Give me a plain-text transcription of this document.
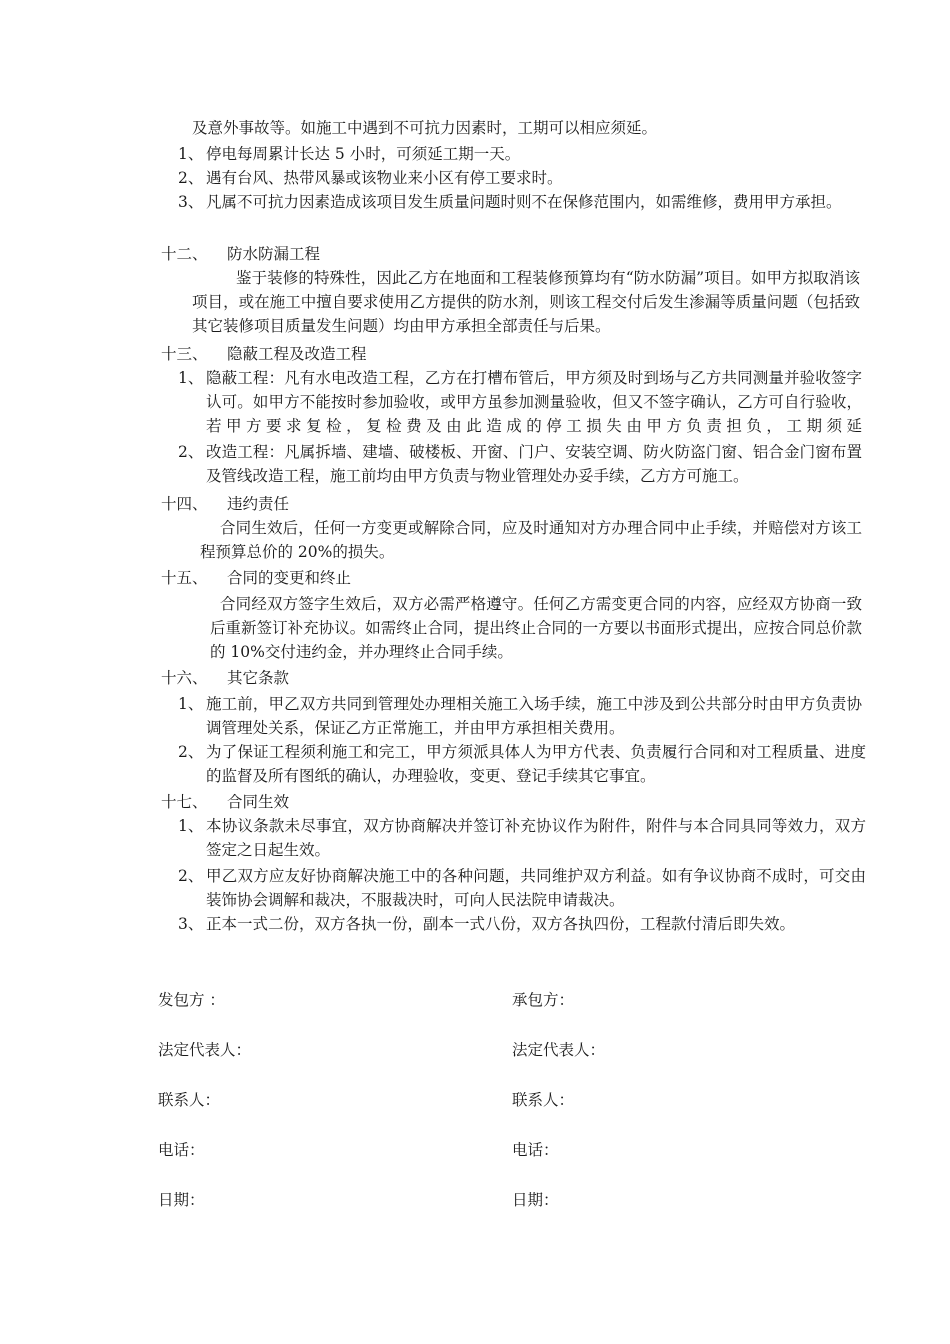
及意外事故等。如施工中遇到不可抗力因素时，工期可以相应须延。
1、 停电每周累计长达 5 小时，可须延工期一天。
2、 遇有台风、热带风暴或该物业来小区有停工要求时。
3、 凡属不可抗力因素造成该项目发生质量问题时则不在保修范围内，如需维修，费用甲方承担。
十二、 防水防漏工程
鉴于装修的特殊性，因此乙方在地面和工程装修预算均有“防水防漏”项目。如甲方拟取消该项目，或在施工中擅自要求使用乙方提供的防水剂，则该工程交付后发生渗漏等质量问题（包括致其它装修项目质量发生问题）均由甲方承担全部责任与后果。
十三、 隐蔽工程及改造工程
1、 隐蔽工程：凡有水电改造工程，乙方在打槽布管后，甲方须及时到场与乙方共同测量并验收签字认可。如甲方不能按时参加验收，或甲方虽参加测量验收，但又不签字确认，乙方可自行验收，若甲方要求复检，复检费及由此造成的停工损失由甲方负责担负，工期须延
2、 改造工程：凡属拆墙、建墙、破楼板、开窗、门户、安装空调、防火防盗门窗、铝合金门窗布置及管线改造工程，施工前均由甲方负责与物业管理处办妥手续，乙方方可施工。
十四、 违约责任
合同生效后，任何一方变更或解除合同，应及时通知对方办理合同中止手续，并赔偿对方该工程预算总价的 20%的损失。
十五、 合同的变更和终止
合同经双方签字生效后，双方必需严格遵守。任何乙方需变更合同的内容，应经双方协商一致后重新签订补充协议。如需终止合同，提出终止合同的一方要以书面形式提出，应按合同总价款的 10%交付违约金，并办理终止合同手续。
十六、 其它条款
1、 施工前，甲乙双方共同到管理处办理相关施工入场手续，施工中涉及到公共部分时由甲方负责协调管理处关系，保证乙方正常施工，并由甲方承担相关费用。
2、 为了保证工程须利施工和完工，甲方须派具体人为甲方代表、负责履行合同和对工程质量、进度的监督及所有图纸的确认，办理验收，变更、登记手续其它事宜。
十七、 合同生效
1、 本协议条款未尽事宜，双方协商解决并签订补充协议作为附件，附件与本合同具同等效力，双方签定之日起生效。
2、 甲乙双方应友好协商解决施工中的各种问题，共同维护双方利益。如有争议协商不成时，可交由装饰协会调解和裁决，不服裁决时，可向人民法院申请裁决。
3、 正本一式二份，双方各执一份，副本一式八份，双方各执四份，工程款付清后即失效。
发包方 ：
法定代表人：
联系人：
电话：
日期：
承包方：
法定代表人：
联系人：
电话：
日期：
